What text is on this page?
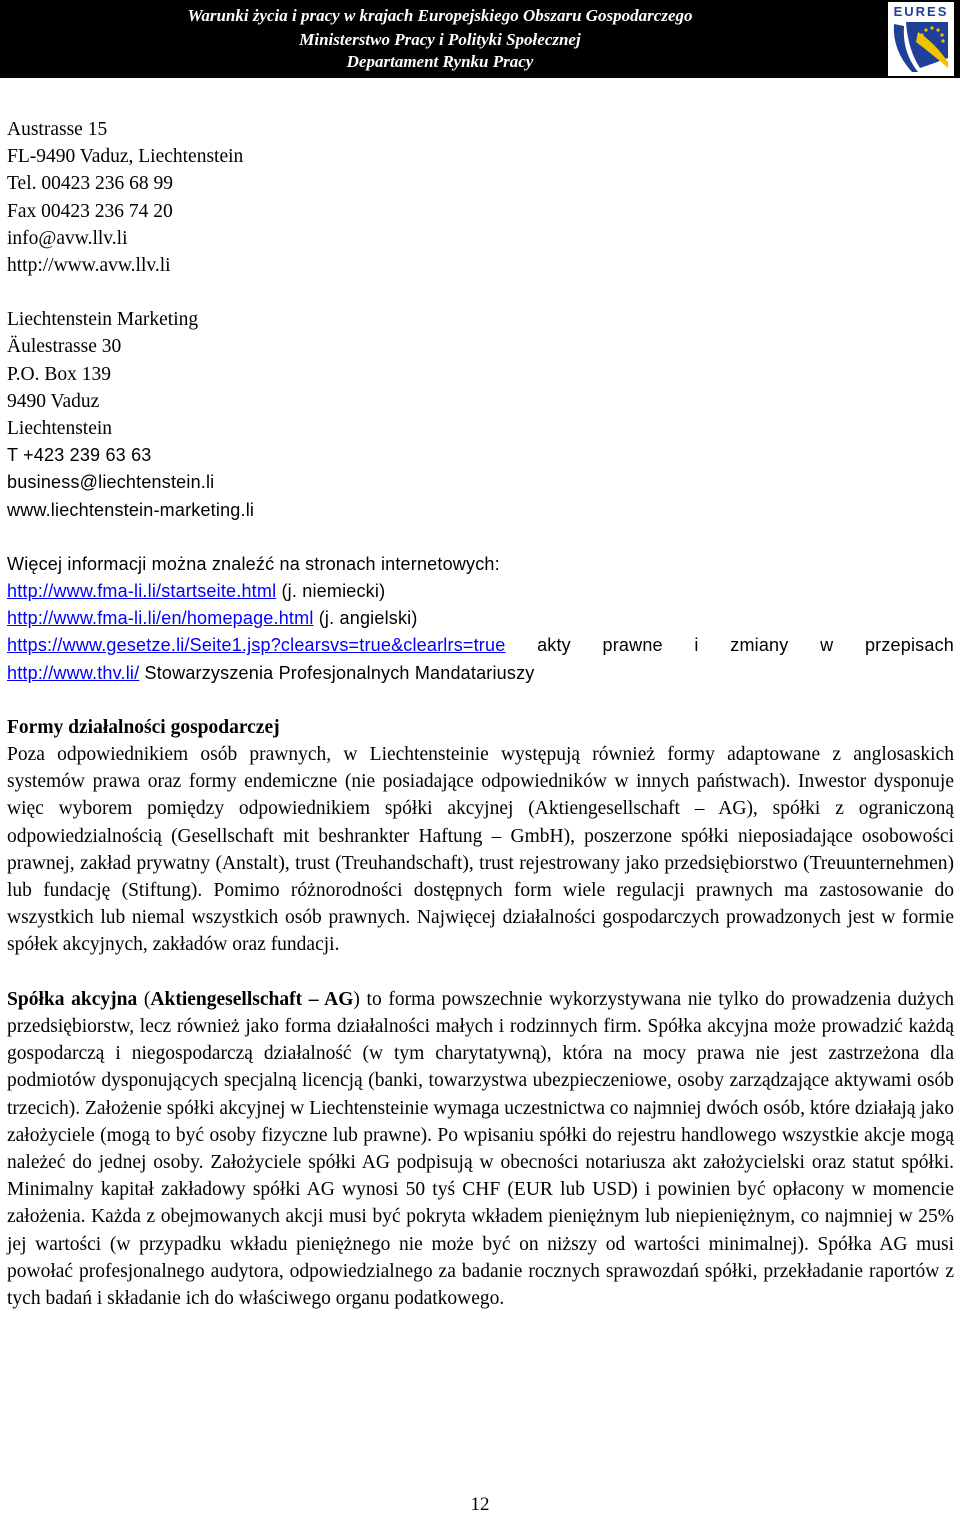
Warunki życia i pracy w krajach Europejskiego Obszaru Gospodarczego
Ministerstwo Pracy i Polityki Społecznej
Departament Rynku Pracy
EURES

Austrasse 15

FL-9490 Vaduz, Liechtenstein

Tel. 00423 236 68 99

Fax 00423 236 74 20

info@avw.llv.li

http://www.avw.llv.li

Liechtenstein Marketing

Äulestrasse 30

P.O. Box 139

9490 Vaduz

Liechtenstein

T +423 239 63 63

business@liechtenstein.li

www.liechtenstein-marketing.li

Więcej informacji można znaleźć na stronach internetowych:

http://www.fma-li.li/startseite.html (j. niemiecki)

http://www.fma-li.li/en/homepage.html (j. angielski)

https://www.gesetze.li/Seite1.jsp?clearsvs=true&clearlrs=true akty prawne i zmiany w przepisach

http://www.thv.li/ Stowarzyszenia Profesjonalnych Mandatariuszy

Formy działalności gospodarczej

Poza odpowiednikiem osób prawnych, w Liechtensteinie występują również formy adaptowane z anglosaskich systemów prawa oraz formy endemiczne (nie posiadające odpowiedników w innych państwach). Inwestor dysponuje więc wyborem pomiędzy odpowiednikiem spółki akcyjnej (Aktiengesellschaft – AG), spółki z ograniczoną odpowiedzialnością (Gesellschaft mit beshrankter Haftung – GmbH), poszerzone spółki nieposiadające osobowości prawnej, zakład prywatny (Anstalt), trust (Treuhandschaft), trust rejestrowany jako przedsiębiorstwo (Treuunternehmen) lub fundację (Stiftung). Pomimo różnorodności dostępnych form wiele regulacji prawnych ma zastosowanie do wszystkich lub niemal wszystkich osób prawnych. Najwięcej działalności gospodarczych prowadzonych jest w formie spółek akcyjnych, zakładów oraz fundacji.

Spółka akcyjna (Aktiengesellschaft – AG) to forma powszechnie wykorzystywana nie tylko do prowadzenia dużych przedsiębiorstw, lecz również jako forma działalności małych i rodzinnych firm. Spółka akcyjna może prowadzić każdą gospodarczą i niegospodarczą działalność (w tym charytatywną), która na mocy prawa nie jest zastrzeżona dla podmiotów dysponujących specjalną licencją (banki, towarzystwa ubezpieczeniowe, osoby zarządzające aktywami osób trzecich). Założenie spółki akcyjnej w Liechtensteinie wymaga uczestnictwa co najmniej dwóch osób, które działają jako założyciele (mogą to być osoby fizyczne lub prawne). Po wpisaniu spółki do rejestru handlowego wszystkie akcje mogą należeć do jednej osoby. Założyciele spółki AG podpisują w obecności notariusza akt założycielski oraz statut spółki. Minimalny kapitał zakładowy spółki AG wynosi 50 tyś CHF (EUR lub USD) i powinien być opłacony w momencie założenia. Każda z obejmowanych akcji musi być pokryta wkładem pieniężnym lub niepieniężnym, co najmniej w 25% jej wartości (w przypadku wkładu pieniężnego nie może być on niższy od wartości minimalnej). Spółka AG musi powołać profesjonalnego audytora, odpowiedzialnego za badanie rocznych sprawozdań spółki, przekładanie raportów z tych badań i składanie ich do właściwego organu podatkowego.

12
